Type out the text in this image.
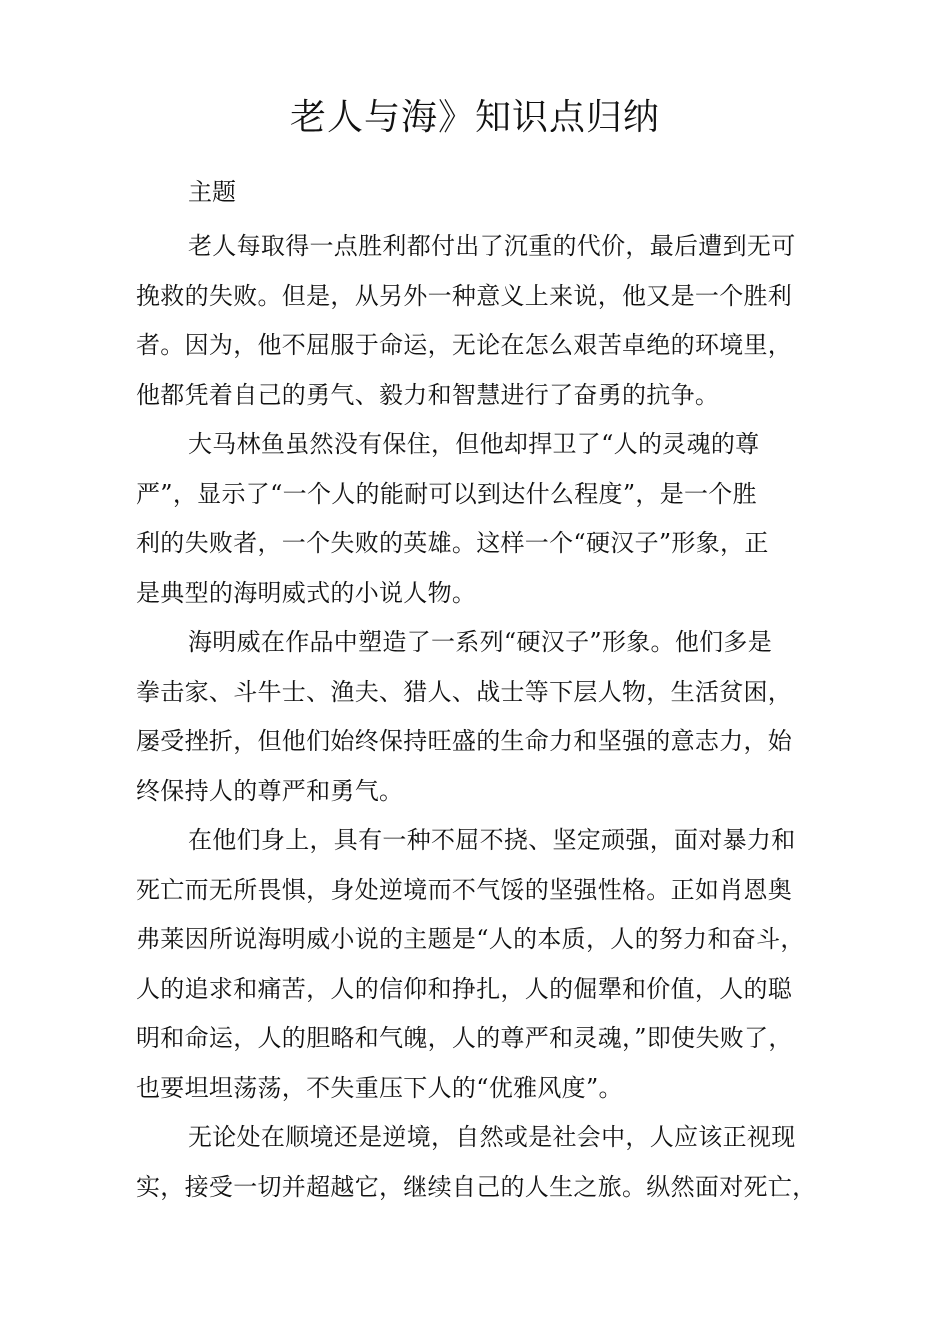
老人与海》知识点归纳
主题
老人每取得一点胜利都付出了沉重的代价，最后遭到无可
挽救的失败。但是，从另外一种意义上来说，他又是一个胜利
者。因为，他不屈服于命运，无论在怎么艰苦卓绝的环境里，
他都凭着自己的勇气、毅力和智慧进行了奋勇的抗争。
大马林鱼虽然没有保住，但他却捍卫了“人的灵魂的尊
严”，显示了“一个人的能耐可以到达什么程度”，是一个胜
利的失败者，一个失败的英雄。这样一个“硬汉子”形象，正
是典型的海明威式的小说人物。
海明威在作品中塑造了一系列“硬汉子”形象。他们多是
拳击家、斗牛士、渔夫、猎人、战士等下层人物，生活贫困，
屡受挫折，但他们始终保持旺盛的生命力和坚强的意志力，始
终保持人的尊严和勇气。
在他们身上，具有一种不屈不挠、坚定顽强，面对暴力和
死亡而无所畏惧，身处逆境而不气馁的坚强性格。正如肖恩奥
弗莱因所说海明威小说的主题是“人的本质，人的努力和奋斗，
人的追求和痛苦，人的信仰和挣扎，人的倔犟和价值，人的聪
明和命运，人的胆略和气魄，人的尊严和灵魂，”即使失败了，
也要坦坦荡荡，不失重压下人的“优雅风度”。
无论处在顺境还是逆境，自然或是社会中，人应该正视现
实，接受一切并超越它，继续自己的人生之旅。纵然面对死亡，
